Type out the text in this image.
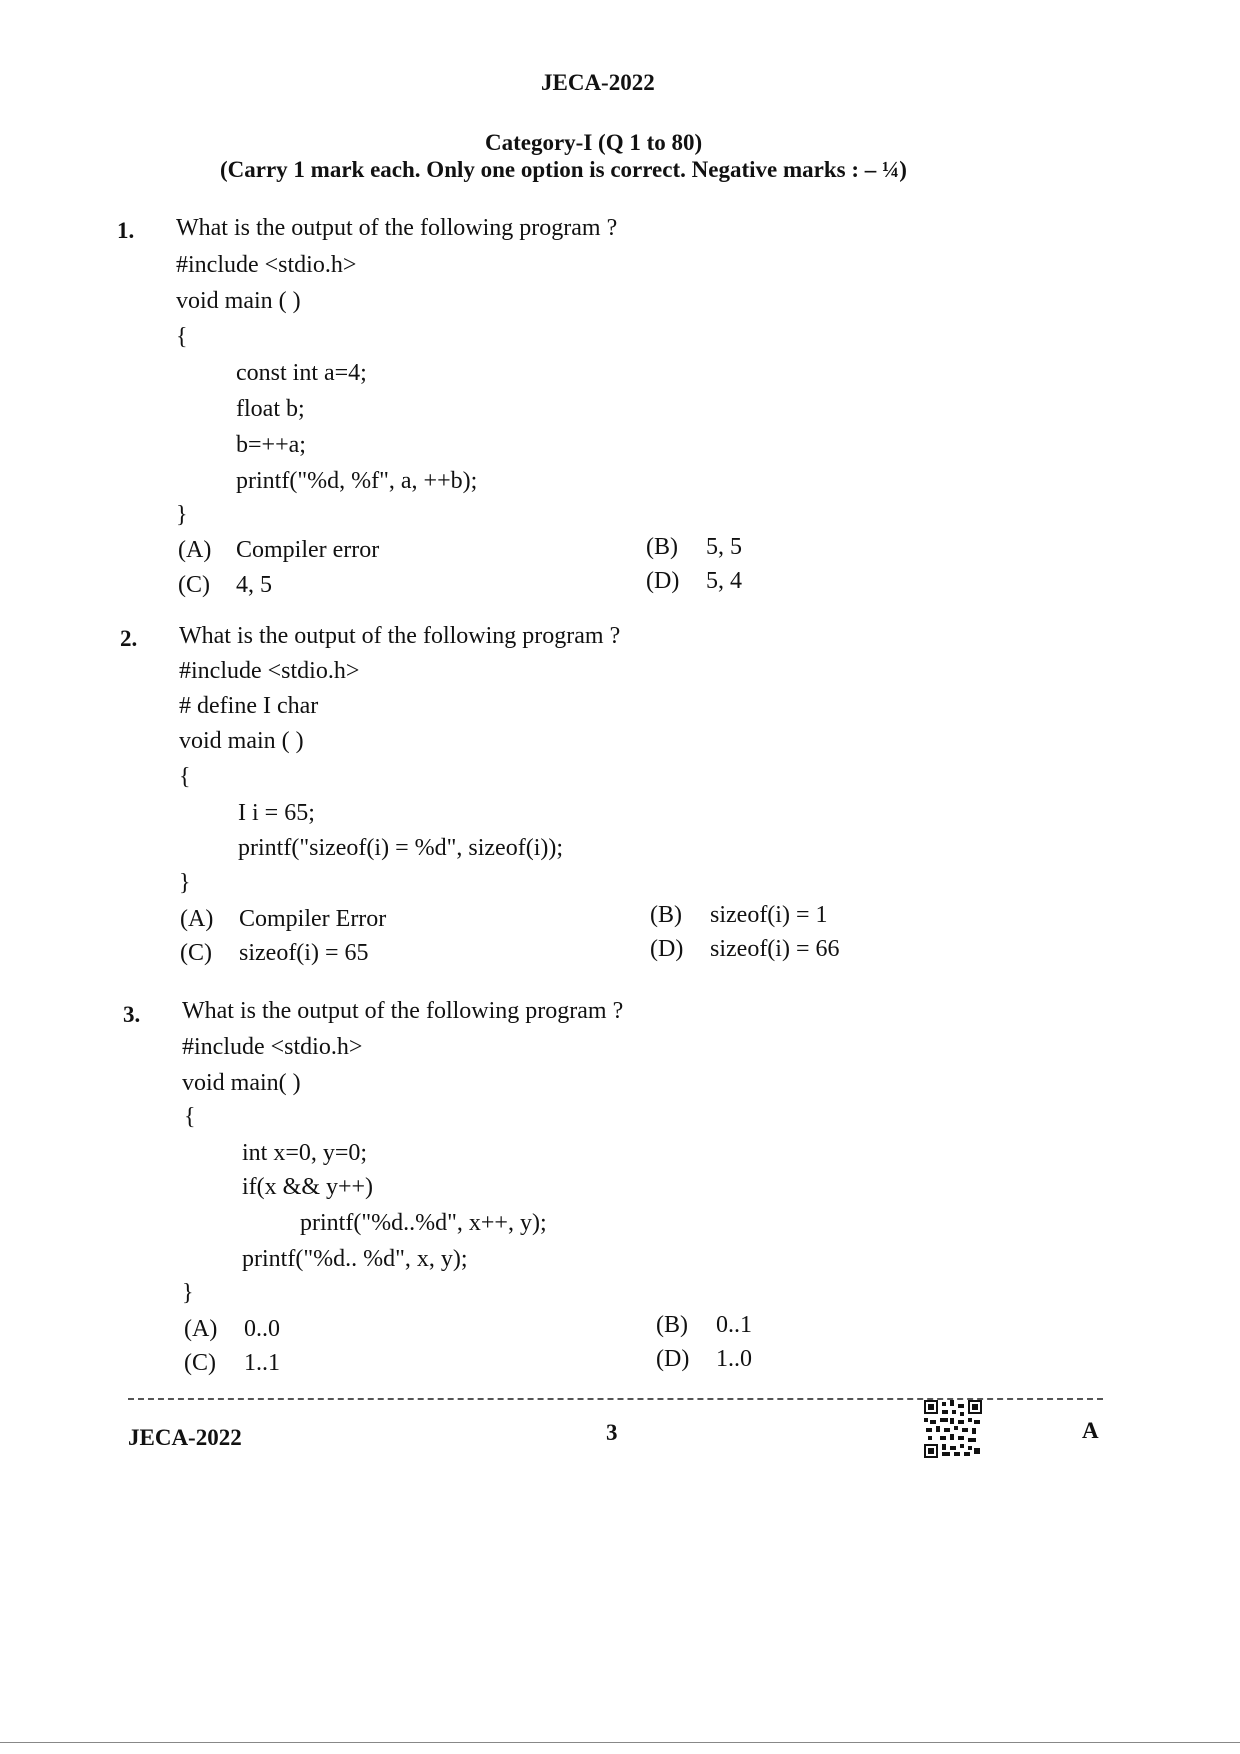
JECA-2022
Category-I (Q 1 to 80)
(Carry 1 mark each. Only one option is correct. Negative marks : – ¼)
1. What is the output of the following program ?
#include <stdio.h>
void main ( )
{
const int a=4;
float b;
b=++a;
printf("%d, %f", a, ++b);
}
(A) Compiler error	(B) 5, 5
(C) 4, 5	(D) 5, 4
2. What is the output of the following program ?
#include <stdio.h>
# define I char
void main ( )
{
I i = 65;
printf("sizeof(i) = %d", sizeof(i));
}
(A) Compiler Error	(B) sizeof(i) = 1
(C) sizeof(i) = 65	(D) sizeof(i) = 66
3. What is the output of the following program ?
#include <stdio.h>
void main( )
{
int x=0, y=0;
if(x && y++)
printf("%d..%d", x++, y);
printf("%d.. %d", x, y);
}
(A) 0..0	(B) 0..1
(C) 1..1	(D) 1..0
JECA-2022	3	A
